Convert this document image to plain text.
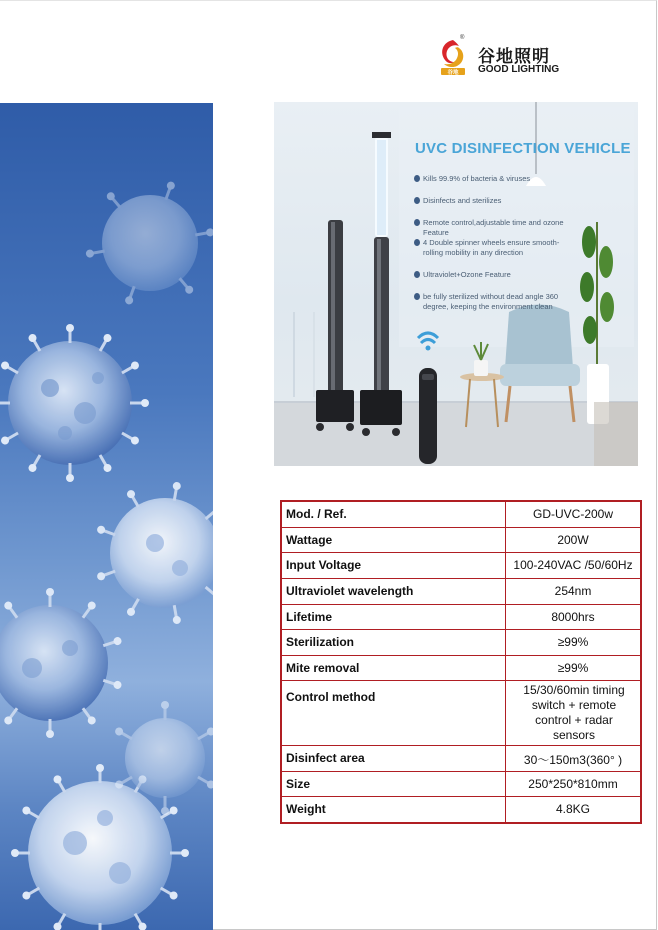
谷地
®
谷地照明
GOOD LIGHTING
UVC DISINFECTION VEHICLE
Kills 99.9% of bacteria & viruses
Disinfects and sterilizes
Remote control,adjustable time and ozone Feature
4 Double spinner wheels ensure smooth-rolling mobility in any direction
Ultraviolet+Ozone Feature
be fully sterilized without dead angle 360 degree, keeping the environment clean
Mod. / Ref.	GD-UVC-200w

Wattage	200W

Input Voltage	100-240VAC /50/60Hz

Ultraviolet wavelength	254nm

Lifetime	8000hrs

Sterilization	≥99%

Mite removal	≥99%

Control method	15/30/60min timing switch + remote control + radar sensors

Disinfect area	30～150m3(360° )

Size	250*250*810mm

Weight	4.8KG
